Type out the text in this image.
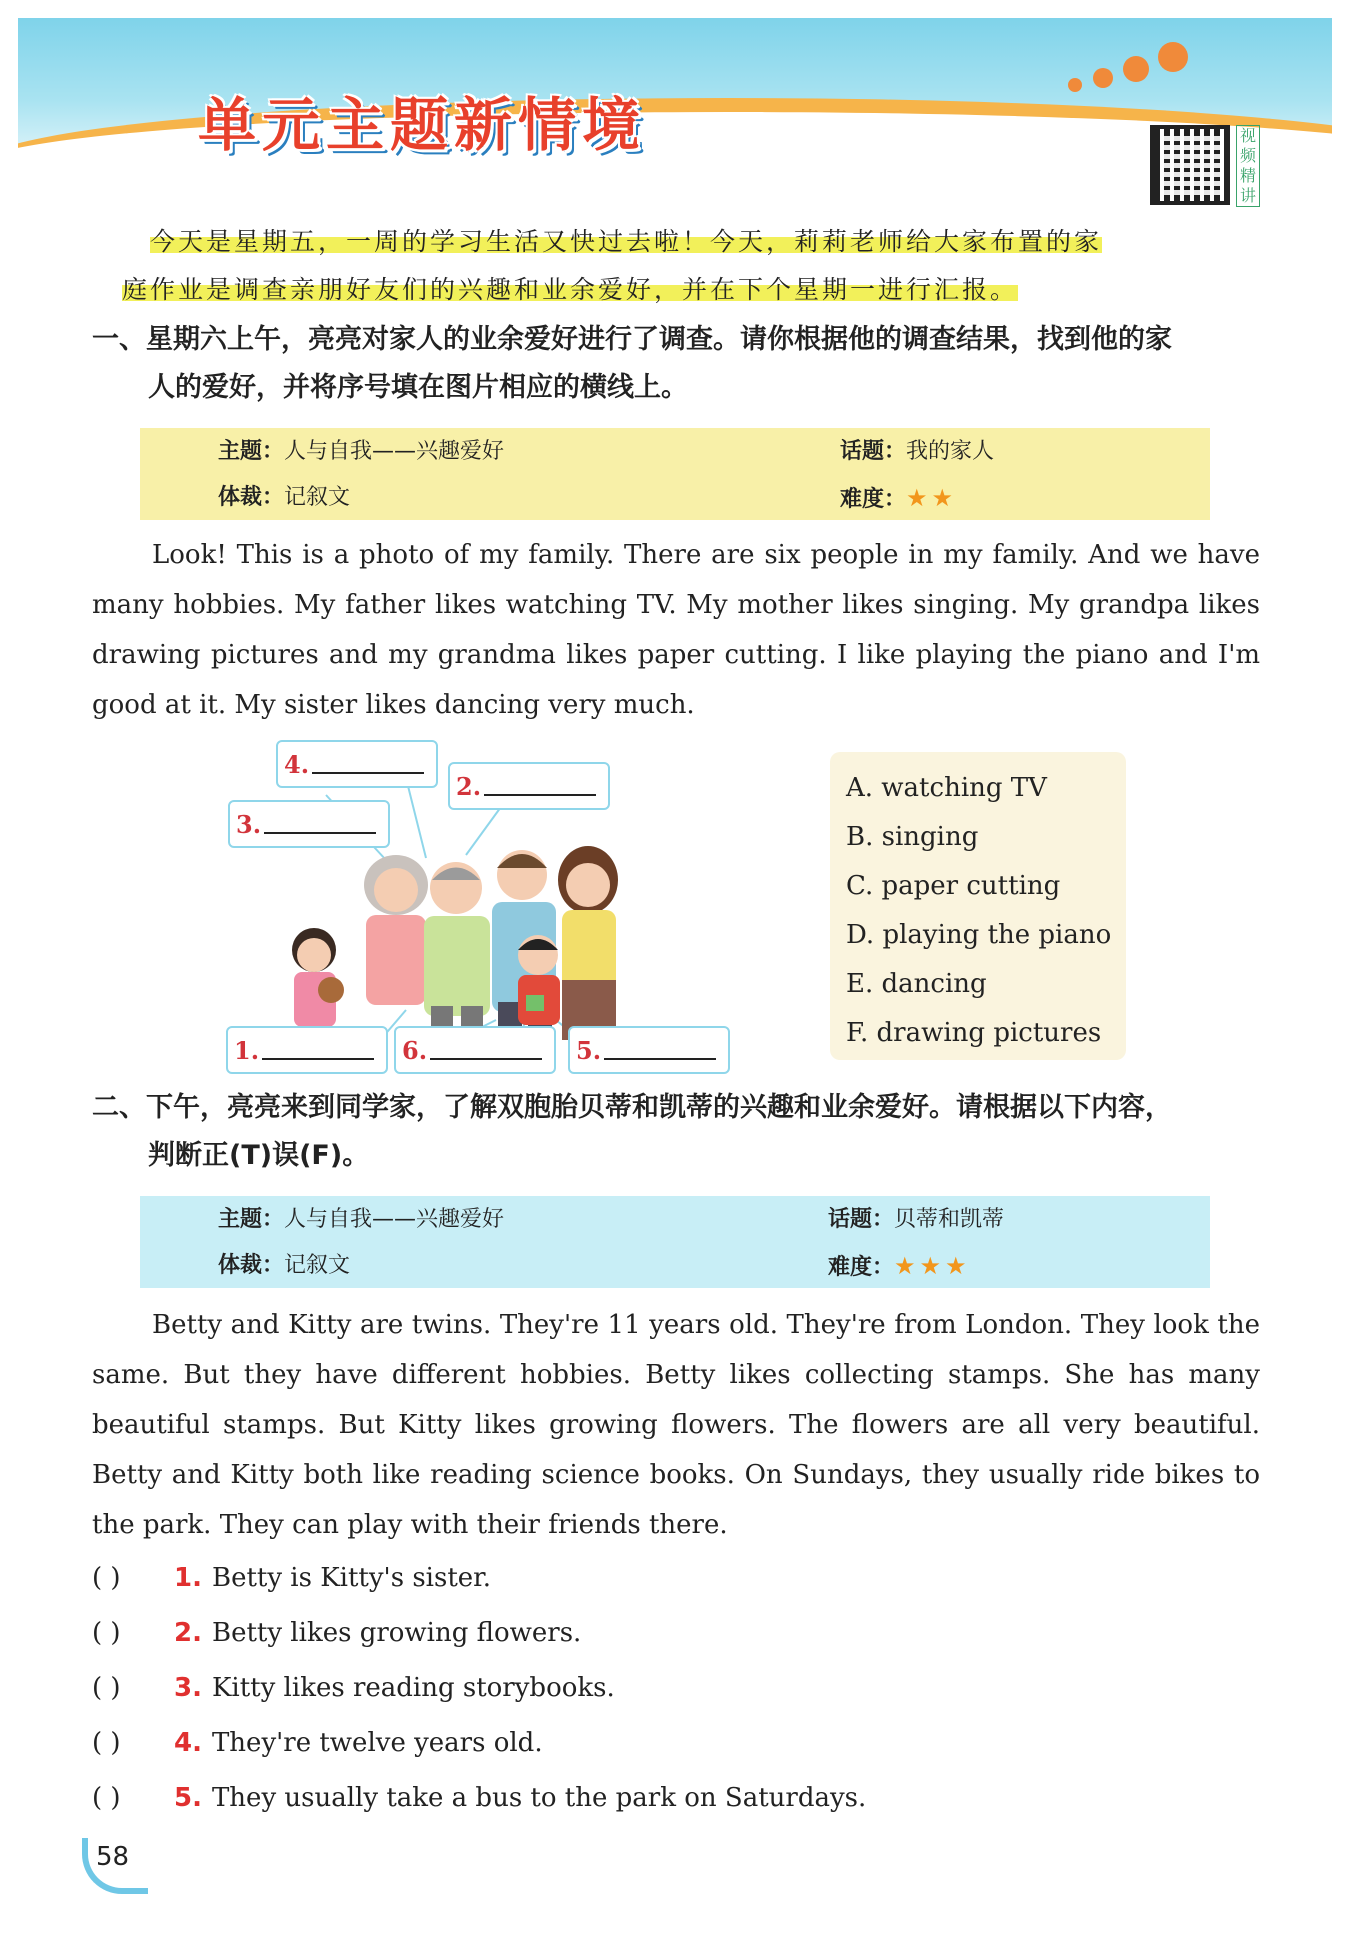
单元主题新情境	视频精讲
今天是星期五，一周的学习生活又快过去啦！今天，莉莉老师给大家布置的家
庭作业是调查亲朋好友们的兴趣和业余爱好，并在下个星期一进行汇报。
一、星期六上午，亮亮对家人的业余爱好进行了调查。请你根据他的调查结果，找到他的家
人的爱好，并将序号填在图片相应的横线上。
主题：人与自我——兴趣爱好	话题：我的家人
体裁：记叙文	难度：★ ★

Look! This is a photo of my family. There are six people in my family. And we have many hobbies. My father likes watching TV. My mother likes singing. My grandpa likes drawing pictures and my grandma likes paper cutting. I like playing the piano and I'm good at it. My sister likes dancing very much.

4.
2.
3.
1.	6.	5.
A. watching TV
B. singing
C. paper cutting
D. playing the piano
E. dancing
F. drawing pictures
二、下午，亮亮来到同学家，了解双胞胎贝蒂和凯蒂的兴趣和业余爱好。请根据以下内容，
判断正(T)误(F)。
主题：人与自我——兴趣爱好	话题：贝蒂和凯蒂
体裁：记叙文	难度：★ ★ ★

Betty and Kitty are twins. They're 11 years old. They're from London. They look the same. But they have different hobbies. Betty likes collecting stamps. She has many beautiful stamps. But Kitty likes growing flowers. The flowers are all very beautiful. Betty and Kitty both like reading science books. On Sundays, they usually ride bikes to the park. They can play with their friends there.

( ) 1. Betty is Kitty's sister.
( ) 2. Betty likes growing flowers.
( ) 3. Kitty likes reading storybooks.
( ) 4. They're twelve years old.
( ) 5. They usually take a bus to the park on Saturdays.
58
